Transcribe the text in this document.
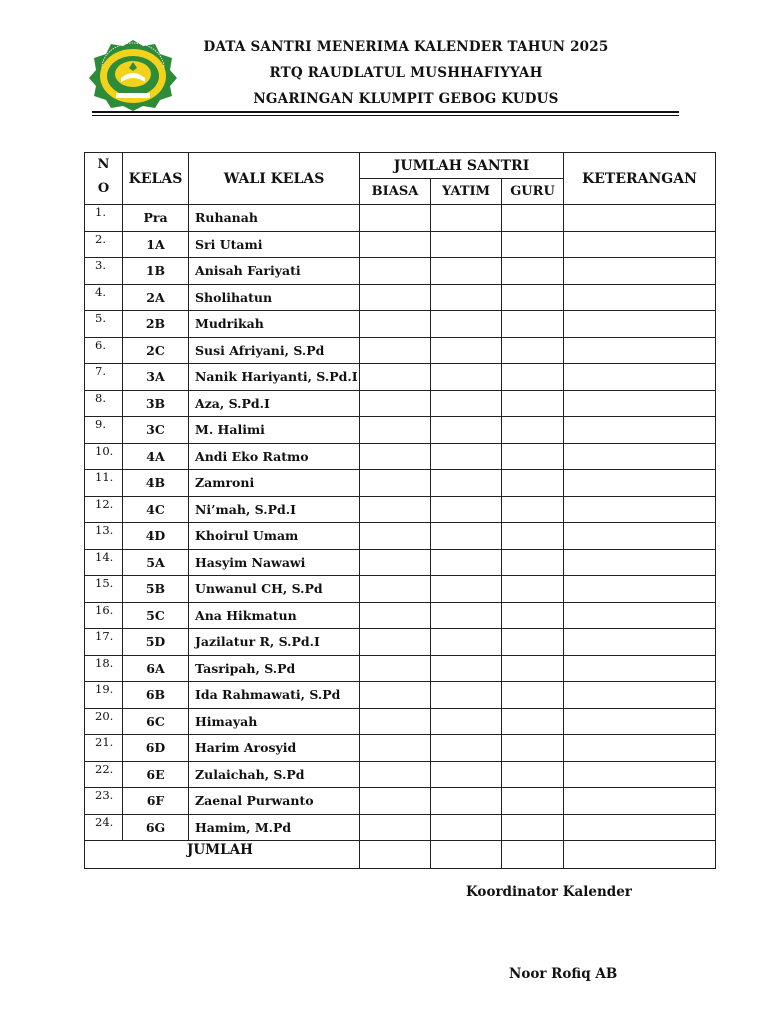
DATA SANTRI MENERIMA KALENDER TAHUN 2025
RTQ RAUDLATUL MUSHHAFIYYAH
NGARINGAN KLUMPIT GEBOG KUDUS
N
O	KELAS	WALI KELAS	JUMLAH SANTRI			KETERANGAN
			BIASA	YATIM	GURU	
1.	Pra	Ruhanah				
2.	1A	Sri Utami				
3.	1B	Anisah Fariyati				
4.	2A	Sholihatun				
5.	2B	Mudrikah				
6.	2C	Susi Afriyani, S.Pd				
7.	3A	Nanik Hariyanti, S.Pd.I				
8.	3B	Aza, S.Pd.I				
9.	3C	M. Halimi				
10.	4A	Andi Eko Ratmo				
11.	4B	Zamroni				
12.	4C	Ni’mah, S.Pd.I				
13.	4D	Khoirul Umam				
14.	5A	Hasyim Nawawi				
15.	5B	Unwanul CH, S.Pd				
16.	5C	Ana Hikmatun				
17.	5D	Jazilatur R, S.Pd.I				
18.	6A	Tasripah, S.Pd				
19.	6B	Ida Rahmawati, S.Pd				
20.	6C	Himayah				
21.	6D	Harim Arosyid				
22.	6E	Zulaichah, S.Pd				
23.	6F	Zaenal Purwanto				
24.	6G	Hamim, M.Pd				
JUMLAH						
Koordinator Kalender
Noor Rofiq AB
